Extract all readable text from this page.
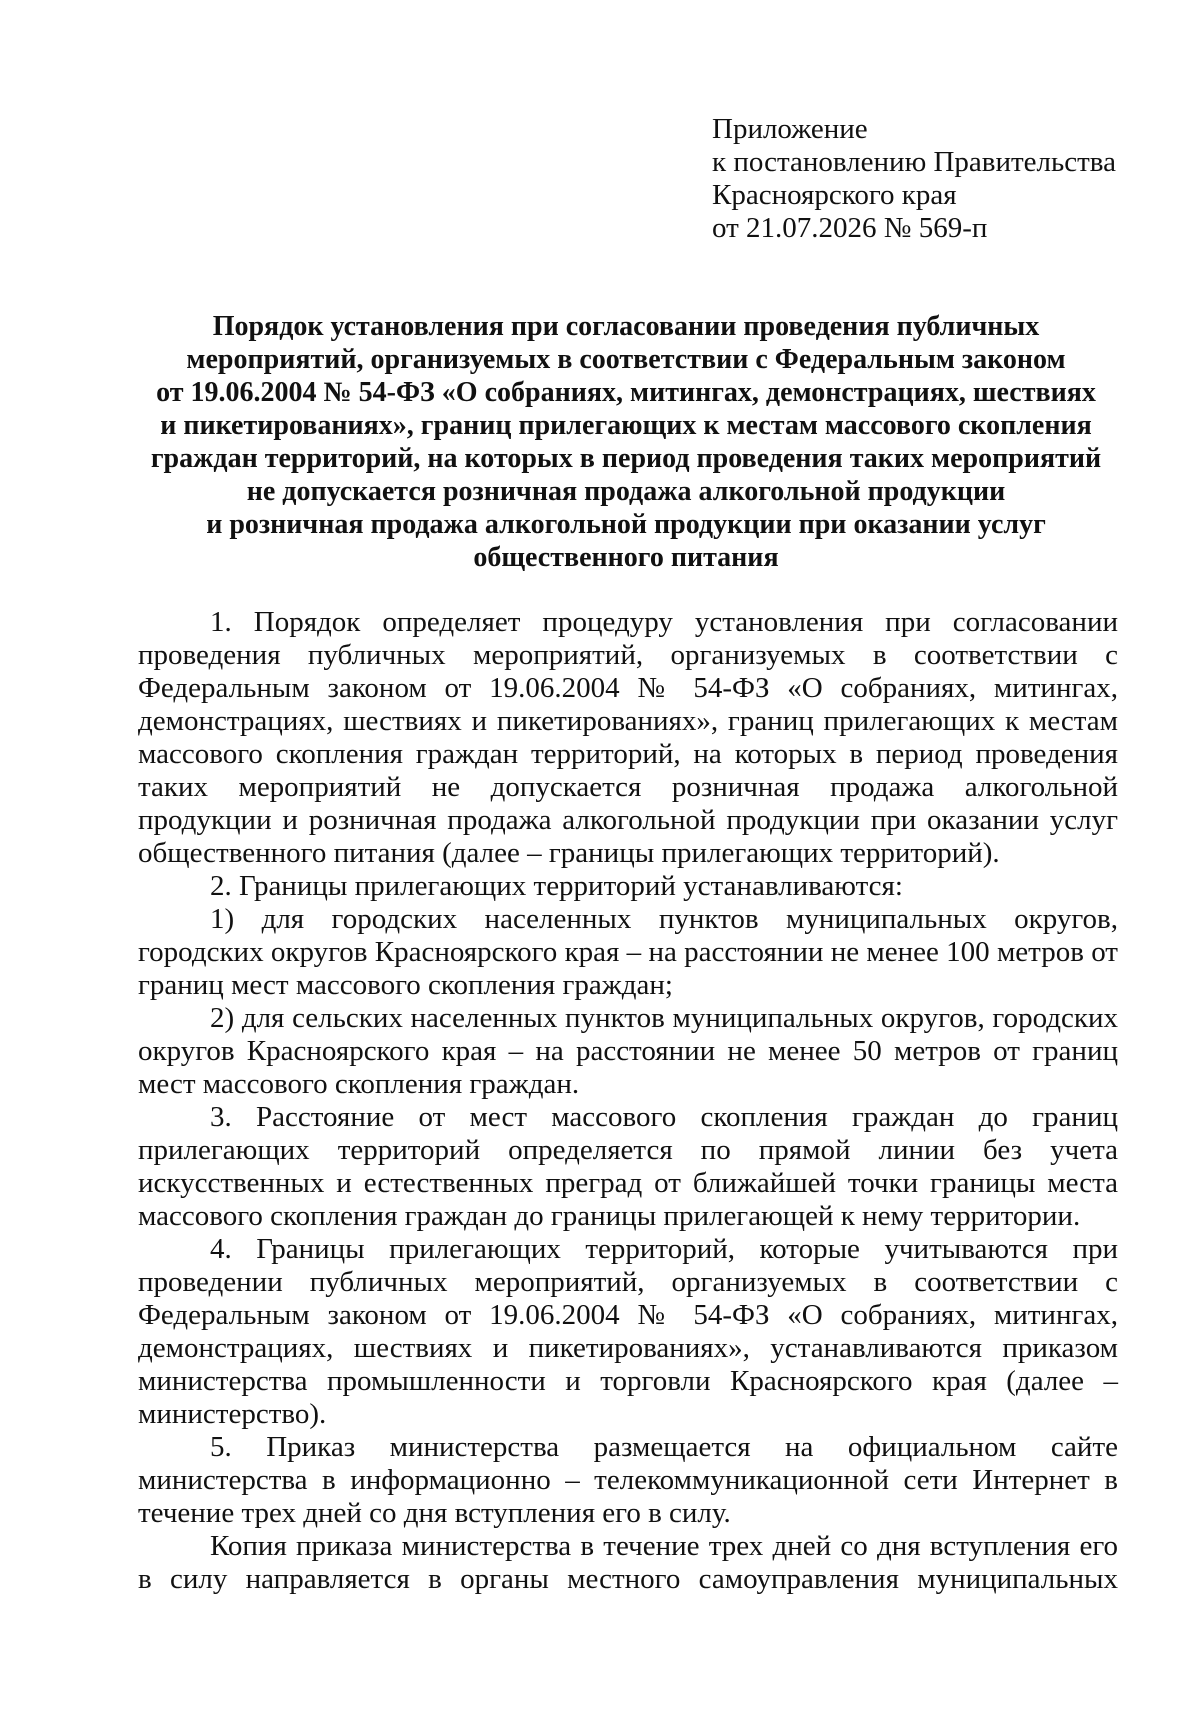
Приложение
к постановлению Правительства
Красноярского края
от 21.07.2026 № 569-п
Порядок установления при согласовании проведения публичных
мероприятий, организуемых в соответствии с Федеральным законом
от 19.06.2004 № 54-ФЗ «О собраниях, митингах, демонстрациях, шествиях
и пикетированиях», границ прилегающих к местам массового скопления
граждан территорий, на которых в период проведения таких мероприятий
не допускается розничная продажа алкогольной продукции
и розничная продажа алкогольной продукции при оказании услуг
общественного питания

1. Порядок определяет процедуру установления при согласовании проведения публичных мероприятий, организуемых в соответствии с Федеральным законом от 19.06.2004 № 54-ФЗ «О собраниях, митингах, демонстрациях, шествиях и пикетированиях», границ прилегающих к местам массового скопления граждан территорий, на которых в период проведения таких мероприятий не допускается розничная продажа алкогольной продукции и розничная продажа алкогольной продукции при оказании услуг общественного питания (далее – границы прилегающих территорий).

2. Границы прилегающих территорий устанавливаются:

1) для городских населенных пунктов муниципальных округов, городских округов Красноярского края – на расстоянии не менее 100 метров от границ мест массового скопления граждан;

2) для сельских населенных пунктов муниципальных округов, городских округов Красноярского края – на расстоянии не менее 50 метров от границ мест массового скопления граждан.

3. Расстояние от мест массового скопления граждан до границ прилегающих территорий определяется по прямой линии без учета искусственных и естественных преград от ближайшей точки границы места массового скопления граждан до границы прилегающей к нему территории.

4. Границы прилегающих территорий, которые учитываются при проведении публичных мероприятий, организуемых в соответствии с Федеральным законом от 19.06.2004 № 54-ФЗ «О собраниях, митингах, демонстрациях, шествиях и пикетированиях», устанавливаются приказом министерства промышленности и торговли Красноярского края (далее – министерство).

5. Приказ министерства размещается на официальном сайте министерства в информационно – телекоммуникационной сети Интернет в течение трех дней со дня вступления его в силу.

Копия приказа министерства в течение трех дней со дня вступления его в силу направляется в органы местного самоуправления муниципальных
